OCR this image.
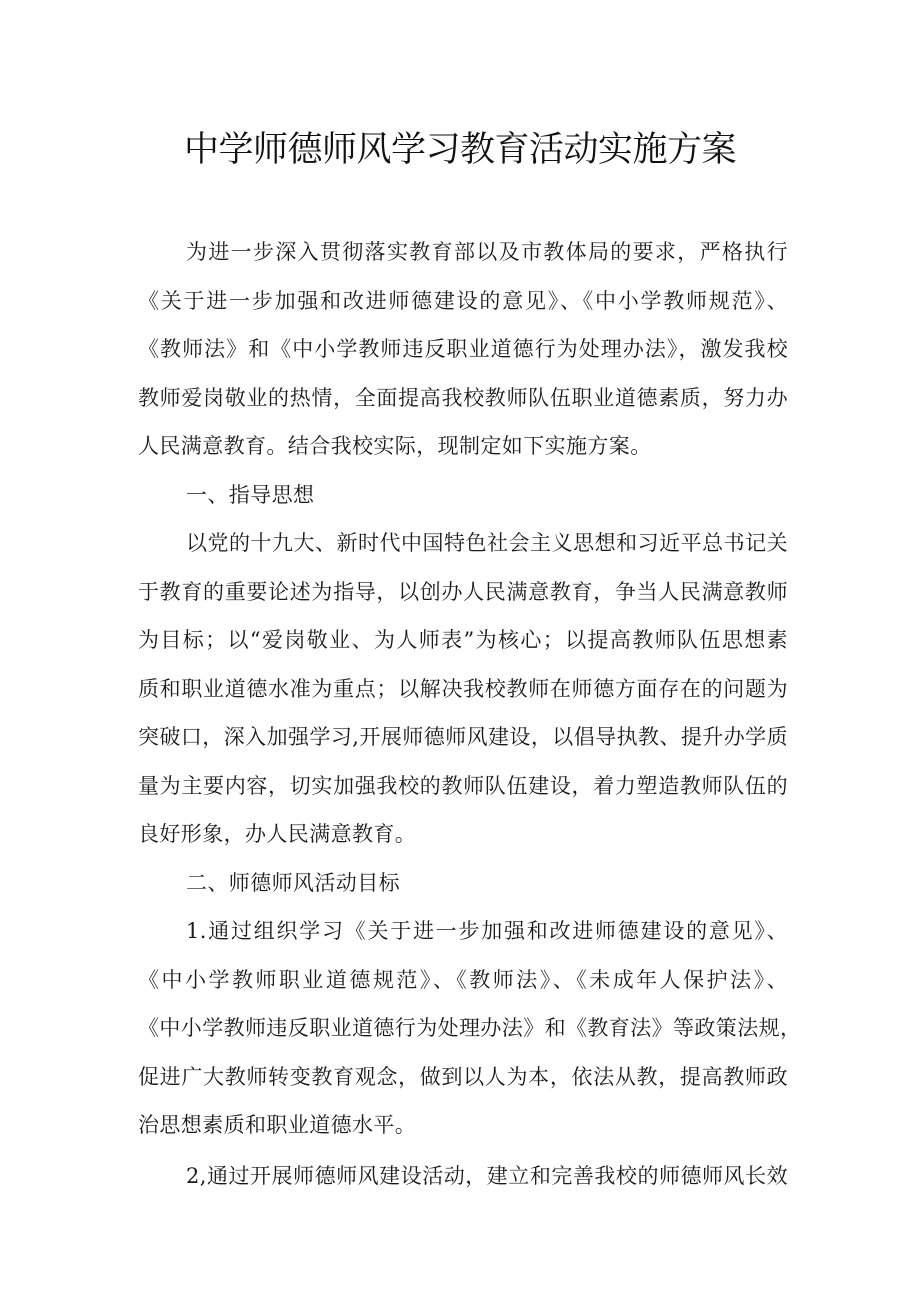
中学师德师风学习教育活动实施方案
为进一步深入贯彻落实教育部以及市教体局的要求，严格执行
《关于进一步加强和改进师德建设的意见》、《中小学教师规范》、
《教师法》和《中小学教师违反职业道德行为处理办法》，激发我校
教师爱岗敬业的热情，全面提高我校教师队伍职业道德素质，努力办
人民满意教育。结合我校实际，现制定如下实施方案。
一、指导思想
以党的十九大、新时代中国特色社会主义思想和习近平总书记关
于教育的重要论述为指导，以创办人民满意教育，争当人民满意教师
为目标；以“爱岗敬业、为人师表”为核心；以提高教师队伍思想素
质和职业道德水准为重点；以解决我校教师在师德方面存在的问题为
突破口，深入加强学习,开展师德师风建设，以倡导执教、提升办学质
量为主要内容，切实加强我校的教师队伍建设，着力塑造教师队伍的
良好形象，办人民满意教育。
二、师德师风活动目标
1.通过组织学习《关于进一步加强和改进师德建设的意见》、
《中小学教师职业道德规范》、《教师法》、《未成年人保护法》、
《中小学教师违反职业道德行为处理办法》和《教育法》等政策法规，
促进广大教师转变教育观念，做到以人为本，依法从教，提高教师政
治思想素质和职业道德水平。
2,通过开展师德师风建设活动，建立和完善我校的师德师风长效
